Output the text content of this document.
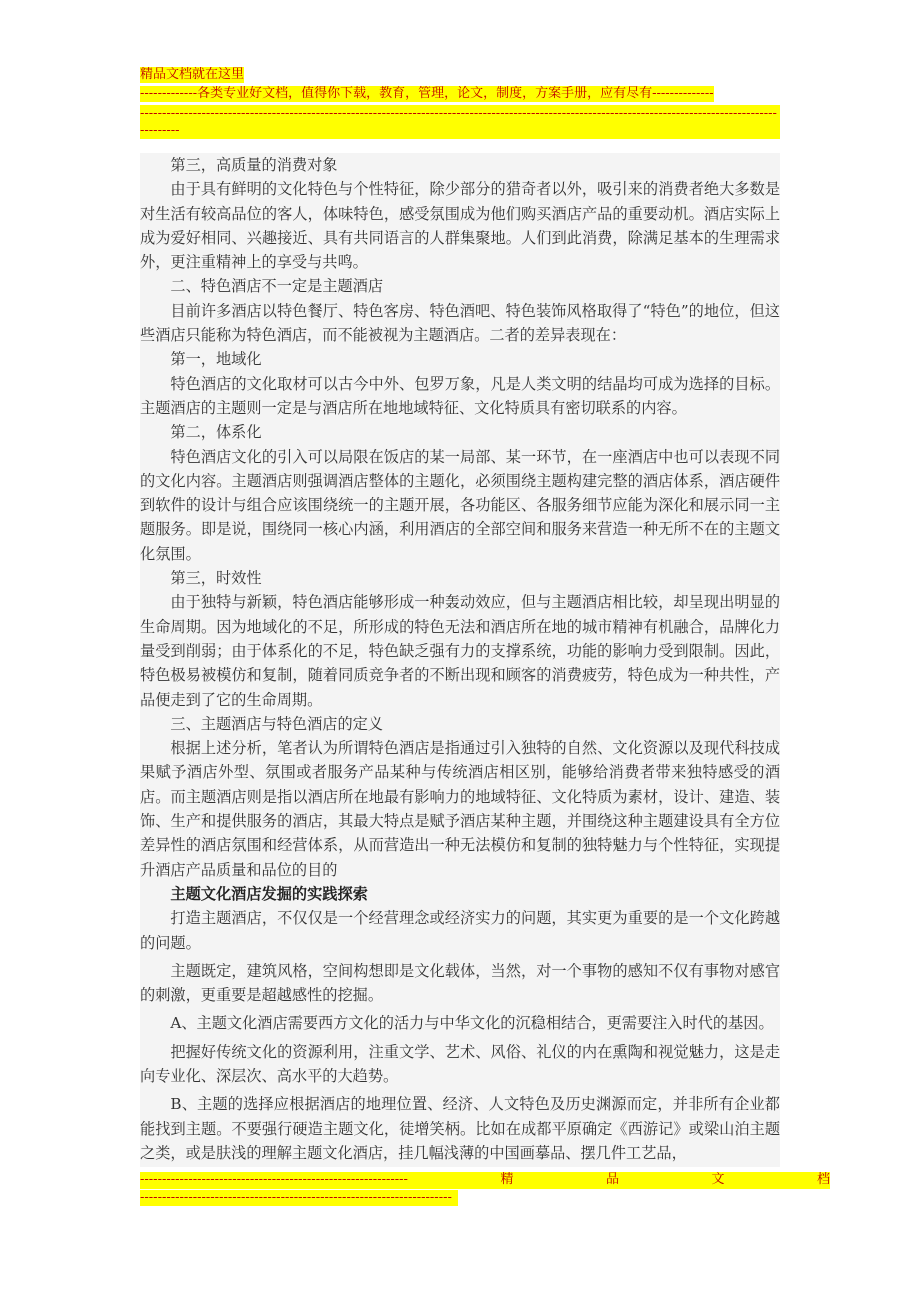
精品文档就在这里
-------------各类专业好文档，值得你下载，教育，管理，论文，制度，方案手册，应有尽有--------------
----------------------------------------------------------------------------------------------------------------------------------------------------------

第三，高质量的消费对象

由于具有鲜明的文化特色与个性特征，除少部分的猎奇者以外，吸引来的消费者绝大多数是对生活有较高品位的客人，体味特色，感受氛围成为他们购买酒店产品的重要动机。酒店实际上成为爱好相同、兴趣接近、具有共同语言的人群集聚地。人们到此消费，除满足基本的生理需求外，更注重精神上的享受与共鸣。

二、特色酒店不一定是主题酒店

目前许多酒店以特色餐厅、特色客房、特色酒吧、特色装饰风格取得了“特色”的地位，但这些酒店只能称为特色酒店，而不能被视为主题酒店。二者的差异表现在：

第一，地域化

特色酒店的文化取材可以古今中外、包罗万象，凡是人类文明的结晶均可成为选择的目标。主题酒店的主题则一定是与酒店所在地地域特征、文化特质具有密切联系的内容。

第二，体系化

特色酒店文化的引入可以局限在饭店的某一局部、某一环节，在一座酒店中也可以表现不同的文化内容。主题酒店则强调酒店整体的主题化，必须围绕主题构建完整的酒店体系，酒店硬件到软件的设计与组合应该围绕统一的主题开展，各功能区、各服务细节应能为深化和展示同一主题服务。即是说，围绕同一核心内涵，利用酒店的全部空间和服务来营造一种无所不在的主题文化氛围。

第三，时效性

由于独特与新颖，特色酒店能够形成一种轰动效应，但与主题酒店相比较，却呈现出明显的生命周期。因为地域化的不足，所形成的特色无法和酒店所在地的城市精神有机融合，品牌化力量受到削弱；由于体系化的不足，特色缺乏强有力的支撑系统，功能的影响力受到限制。因此，特色极易被模仿和复制，随着同质竞争者的不断出现和顾客的消费疲劳，特色成为一种共性，产品便走到了它的生命周期。

三、主题酒店与特色酒店的定义

根据上述分析，笔者认为所谓特色酒店是指通过引入独特的自然、文化资源以及现代科技成果赋予酒店外型、氛围或者服务产品某种与传统酒店相区别，能够给消费者带来独特感受的酒店。而主题酒店则是指以酒店所在地最有影响力的地域特征、文化特质为素材，设计、建造、装饰、生产和提供服务的酒店，其最大特点是赋予酒店某种主题，并围绕这种主题建设具有全方位差异性的酒店氛围和经营体系，从而营造出一种无法模仿和复制的独特魅力与个性特征，实现提升酒店产品质量和品位的目的

主题文化酒店发掘的实践探索

打造主题酒店，不仅仅是一个经营理念或经济实力的问题，其实更为重要的是一个文化跨越的问题。

主题既定，建筑风格，空间构想即是文化载体，当然，对一个事物的感知不仅有事物对感官的刺激，更重要是超越感性的挖掘。

A、主题文化酒店需要西方文化的活力与中华文化的沉稳相结合，更需要注入时代的基因。

把握好传统文化的资源利用，注重文学、艺术、风俗、礼仪的内在熏陶和视觉魅力，这是走向专业化、深层次、高水平的大趋势。

B、主题的选择应根据酒店的地理位置、经济、人文特色及历史渊源而定，并非所有企业都能找到主题。不要强行硬造主题文化，徒增笑柄。比如在成都平原确定《西游记》或梁山泊主题之类，或是肤浅的理解主题文化酒店，挂几幅浅薄的中国画摹品、摆几件工艺品，

-------------------------------------------------------------	精	品	文	档
-----------------------------------------------------------------------
